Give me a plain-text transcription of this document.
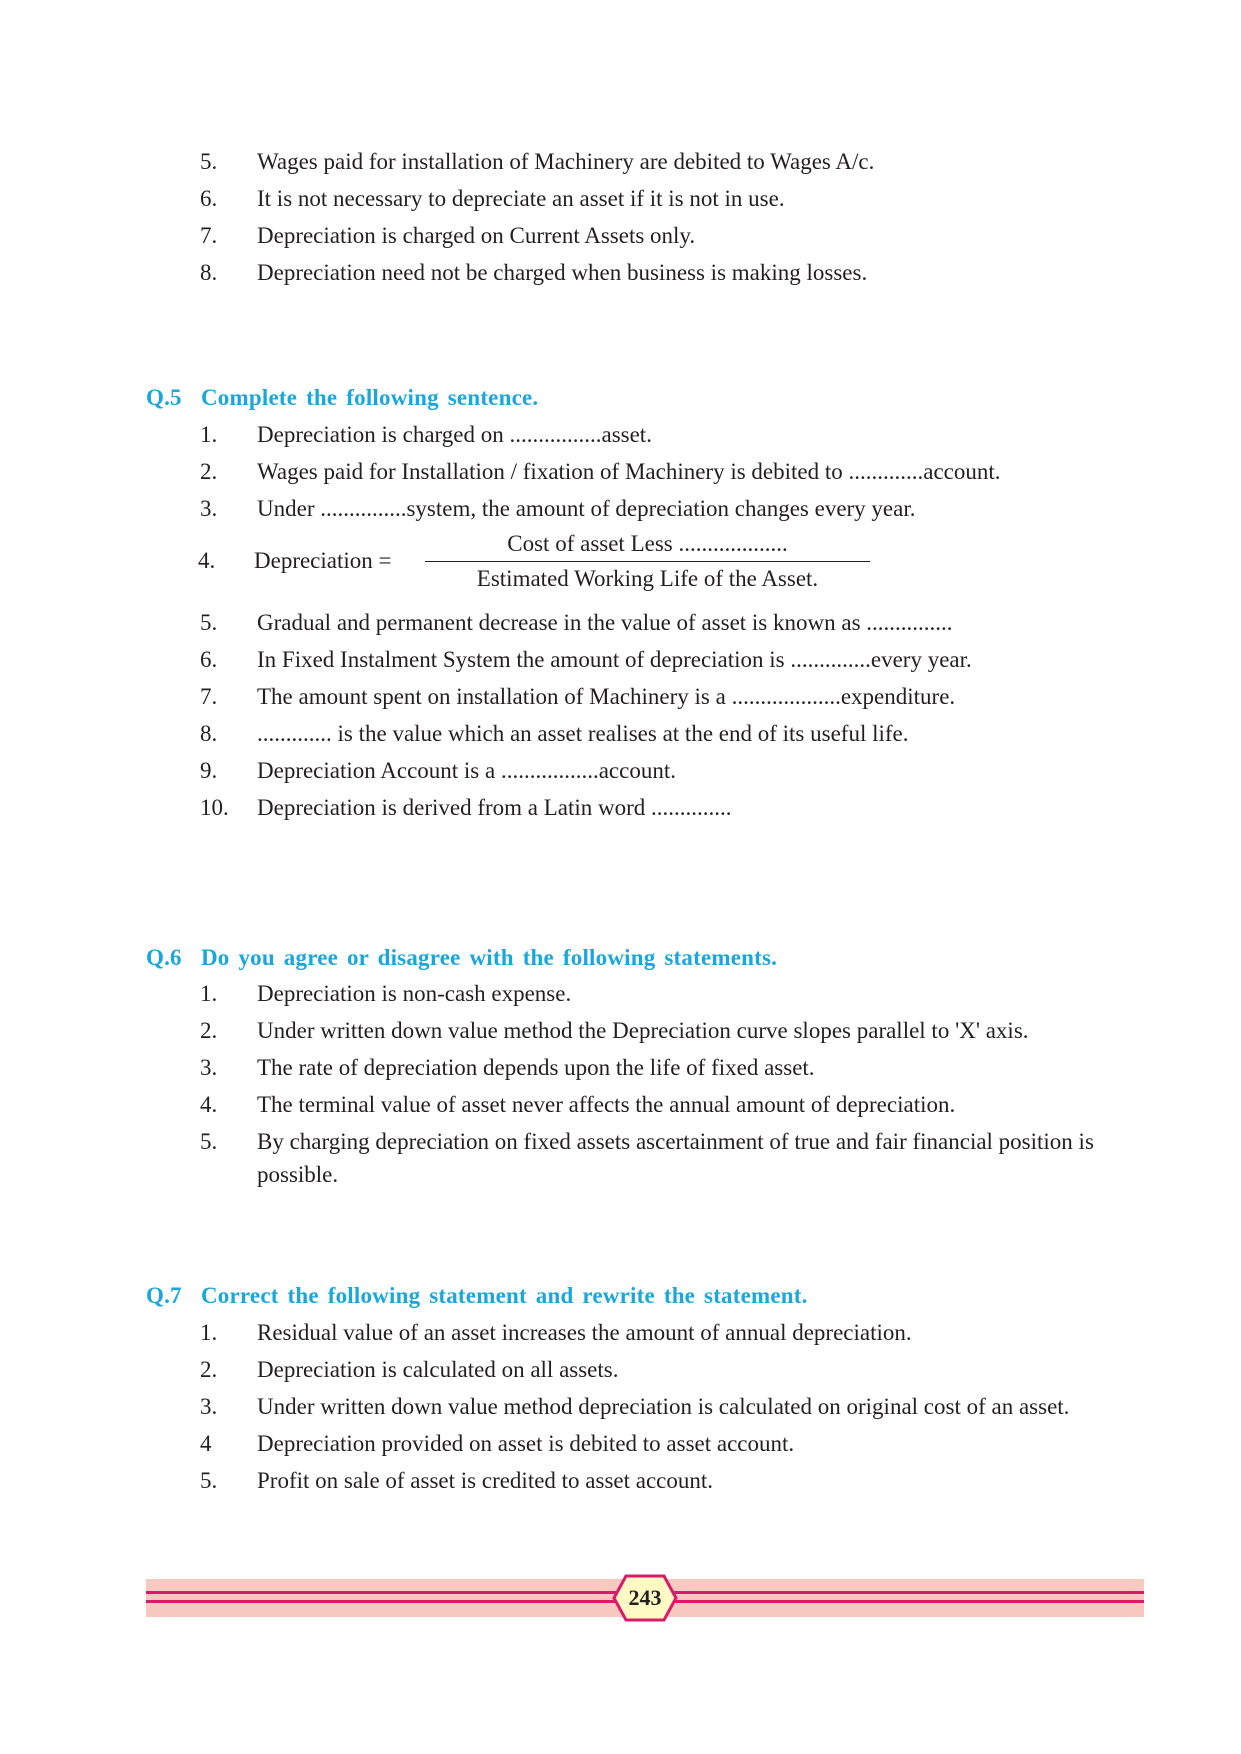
5. Wages paid for installation of Machinery are debited to Wages A/c.
6. It is not necessary to depreciate an asset if it is not in use.
7. Depreciation is charged on Current Assets only.
8. Depreciation need not be charged when business is making losses.
Q.5 Complete the following sentence.
1. Depreciation is charged on ................asset.
2. Wages paid for Installation / fixation of Machinery is debited to .............account.
3. Under ...............system, the amount of depreciation changes every year.
4. Depreciation =
Cost of asset Less ...................
Estimated Working Life of the Asset.
5. Gradual and permanent decrease in the value of asset is known as ...............
6. In Fixed Instalment System the amount of depreciation is ..............every year.
7. The amount spent on installation of Machinery is a ...................expenditure.
8. ............. is the value which an asset realises at the end of its useful life.
9. Depreciation Account is a .................account.
10. Depreciation is derived from a Latin word ..............
Q.6 Do you agree or disagree with the following statements.
1. Depreciation is non-cash expense.
2. Under written down value method the Depreciation curve slopes parallel to 'X' axis.
3. The rate of depreciation depends upon the life of fixed asset.
4. The terminal value of asset never affects the annual amount of depreciation.
5. By charging depreciation on fixed assets ascertainment of true and fair financial position is possible.
Q.7 Correct the following statement and rewrite the statement.
1. Residual value of an asset increases the amount of annual depreciation.
2. Depreciation is calculated on all assets.
3. Under written down value method depreciation is calculated on original cost of an asset.
4 Depreciation provided on asset is debited to asset account.
5. Profit on sale of asset is credited to asset account.
243
